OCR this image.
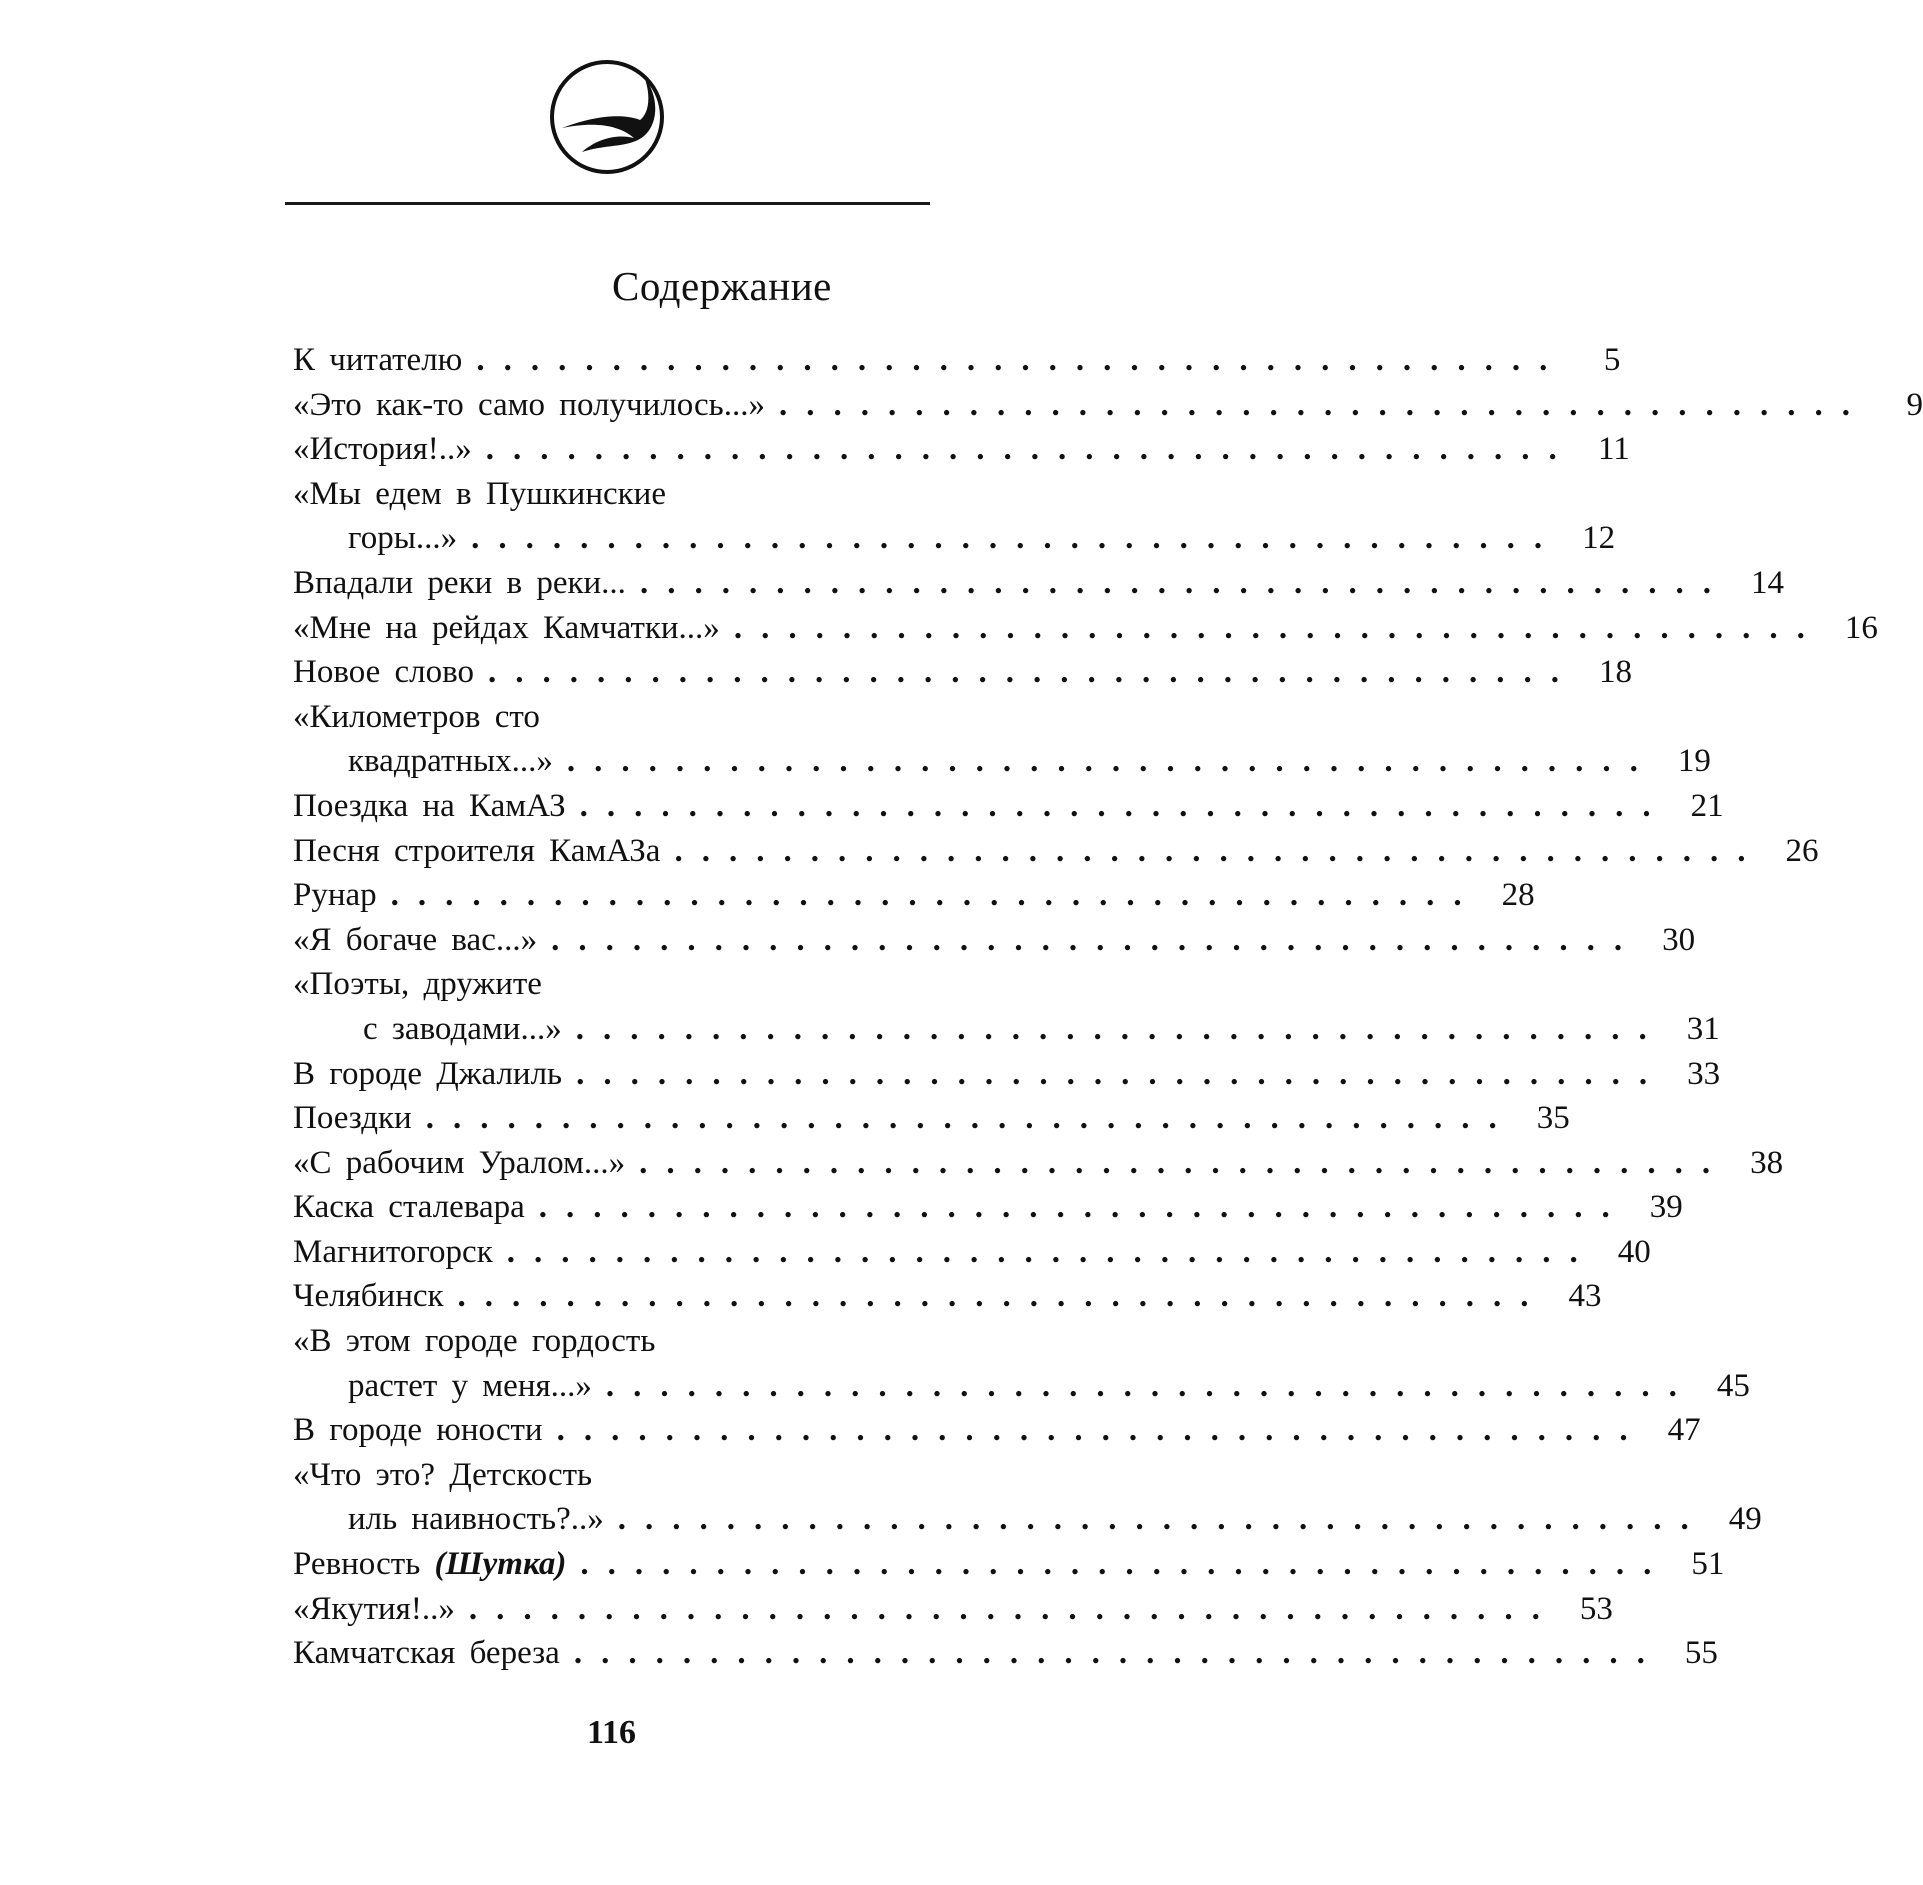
Содержание
К читателю ........................................	5
«Это как-то само получилось...» ........................................	9
«История!..» ........................................ 11
«Мы едем в Пушкинские
горы...» ........................................ 12
Впадали реки в реки... ........................................ 14
«Мне на рейдах Камчатки...» ........................................ 16
Новое слово ........................................ 18
«Километров сто
квадратных...» ........................................ 19
Поездка на КамАЗ ........................................ 21
Песня строителя КамАЗа ........................................ 26
Рунар ........................................ 28
«Я богаче вас...» ........................................ 30
«Поэты, дружите
с заводами...» ........................................ 31
В городе Джалиль ........................................ 33
Поездки ........................................ 35
«С рабочим Уралом...» ........................................ 38
Каска сталевара ........................................ 39
Магнитогорск ........................................ 40
Челябинск ........................................ 43
«В этом городе гордость
растет у меня...» ........................................ 45
В городе юности ........................................ 47
«Что это? Детскость
иль наивность?..» ........................................ 49
Ревность
(Шутка) ........................................ 51
«Якутия!..» ........................................ 53
Камчатская береза ........................................ 55
116
